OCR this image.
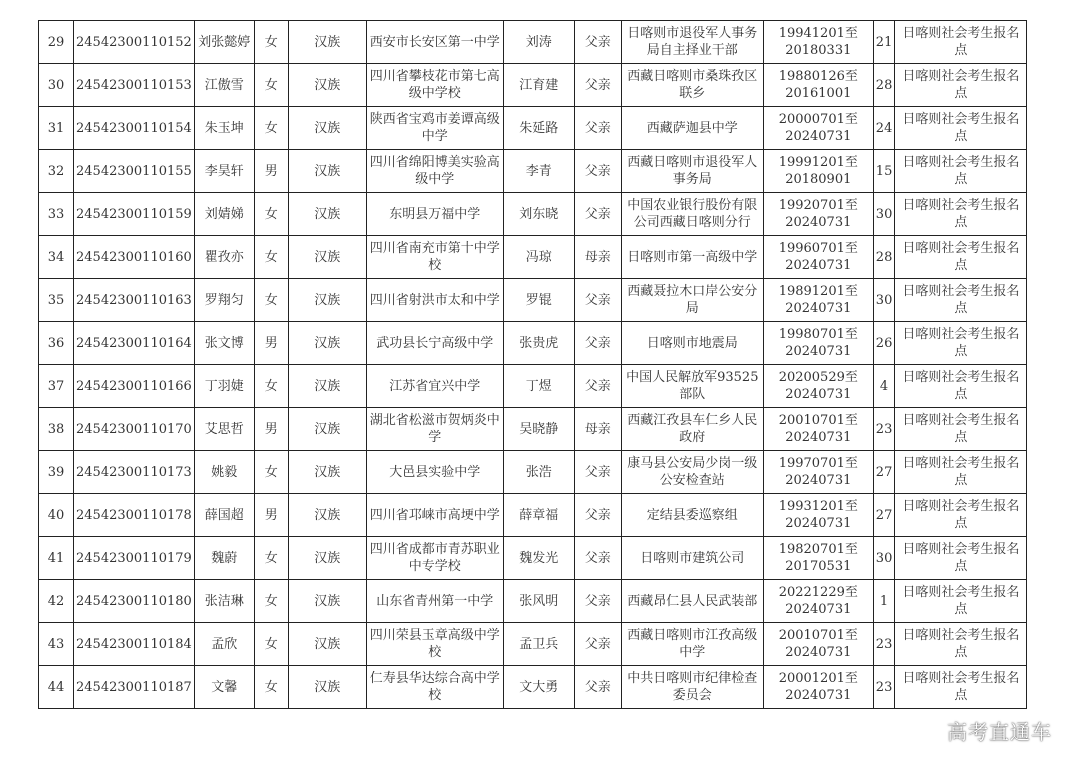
29	24542300110152	刘张懿婷	女	汉族	西安市长安区第一中学	刘涛	父亲	日喀则市退役军人事务局自主择业干部	19941201至20180331	21	日喀则社会考生报名点
30	24542300110153	江傲雪	女	汉族	四川省攀枝花市第七高级中学校	江育建	父亲	西藏日喀则市桑珠孜区联乡	19880126至20161001	28	日喀则社会考生报名点
31	24542300110154	朱玉坤	女	汉族	陕西省宝鸡市姜谭高级中学	朱延路	父亲	西藏萨迦县中学	20000701至20240731	24	日喀则社会考生报名点
32	24542300110155	李昊轩	男	汉族	四川省绵阳博美实验高级中学	李青	父亲	西藏日喀则市退役军人事务局	19991201至20180901	15	日喀则社会考生报名点
33	24542300110159	刘婧娣	女	汉族	东明县万福中学	刘东晓	父亲	中国农业银行股份有限公司西藏日喀则分行	19920701至20240731	30	日喀则社会考生报名点
34	24542300110160	瞿孜亦	女	汉族	四川省南充市第十中学校	冯琼	母亲	日喀则市第一高级中学	19960701至20240731	28	日喀则社会考生报名点
35	24542300110163	罗翔匀	女	汉族	四川省射洪市太和中学	罗锟	父亲	西藏聂拉木口岸公安分局	19891201至20240731	30	日喀则社会考生报名点
36	24542300110164	张文博	男	汉族	武功县长宁高级中学	张贵虎	父亲	日喀则市地震局	19980701至20240731	26	日喀则社会考生报名点
37	24542300110166	丁羽婕	女	汉族	江苏省宜兴中学	丁煜	父亲	中国人民解放军93525部队	20200529至20240731	4	日喀则社会考生报名点
38	24542300110170	艾思哲	男	汉族	湖北省松滋市贺炳炎中学	吴晓静	母亲	西藏江孜县车仁乡人民政府	20010701至20240731	23	日喀则社会考生报名点
39	24542300110173	姚毅	女	汉族	大邑县实验中学	张浩	父亲	康马县公安局少岗一级公安检查站	19970701至20240731	27	日喀则社会考生报名点
40	24542300110178	薛国超	男	汉族	四川省邛崃市高埂中学	薛章福	父亲	定结县委巡察组	19931201至20240731	27	日喀则社会考生报名点
41	24542300110179	魏蔚	女	汉族	四川省成都市青苏职业中专学校	魏发光	父亲	日喀则市建筑公司	19820701至20170531	30	日喀则社会考生报名点
42	24542300110180	张洁琳	女	汉族	山东省青州第一中学	张风明	父亲	西藏昂仁县人民武装部	20221229至20240731	1	日喀则社会考生报名点
43	24542300110184	孟欣	女	汉族	四川荣县玉章高级中学校	孟卫兵	父亲	西藏日喀则市江孜高级中学	20010701至20240731	23	日喀则社会考生报名点
44	24542300110187	文馨	女	汉族	仁寿县华达综合高中学校	文大勇	父亲	中共日喀则市纪律检查委员会	20001201至20240731	23	日喀则社会考生报名点
高考直通车
